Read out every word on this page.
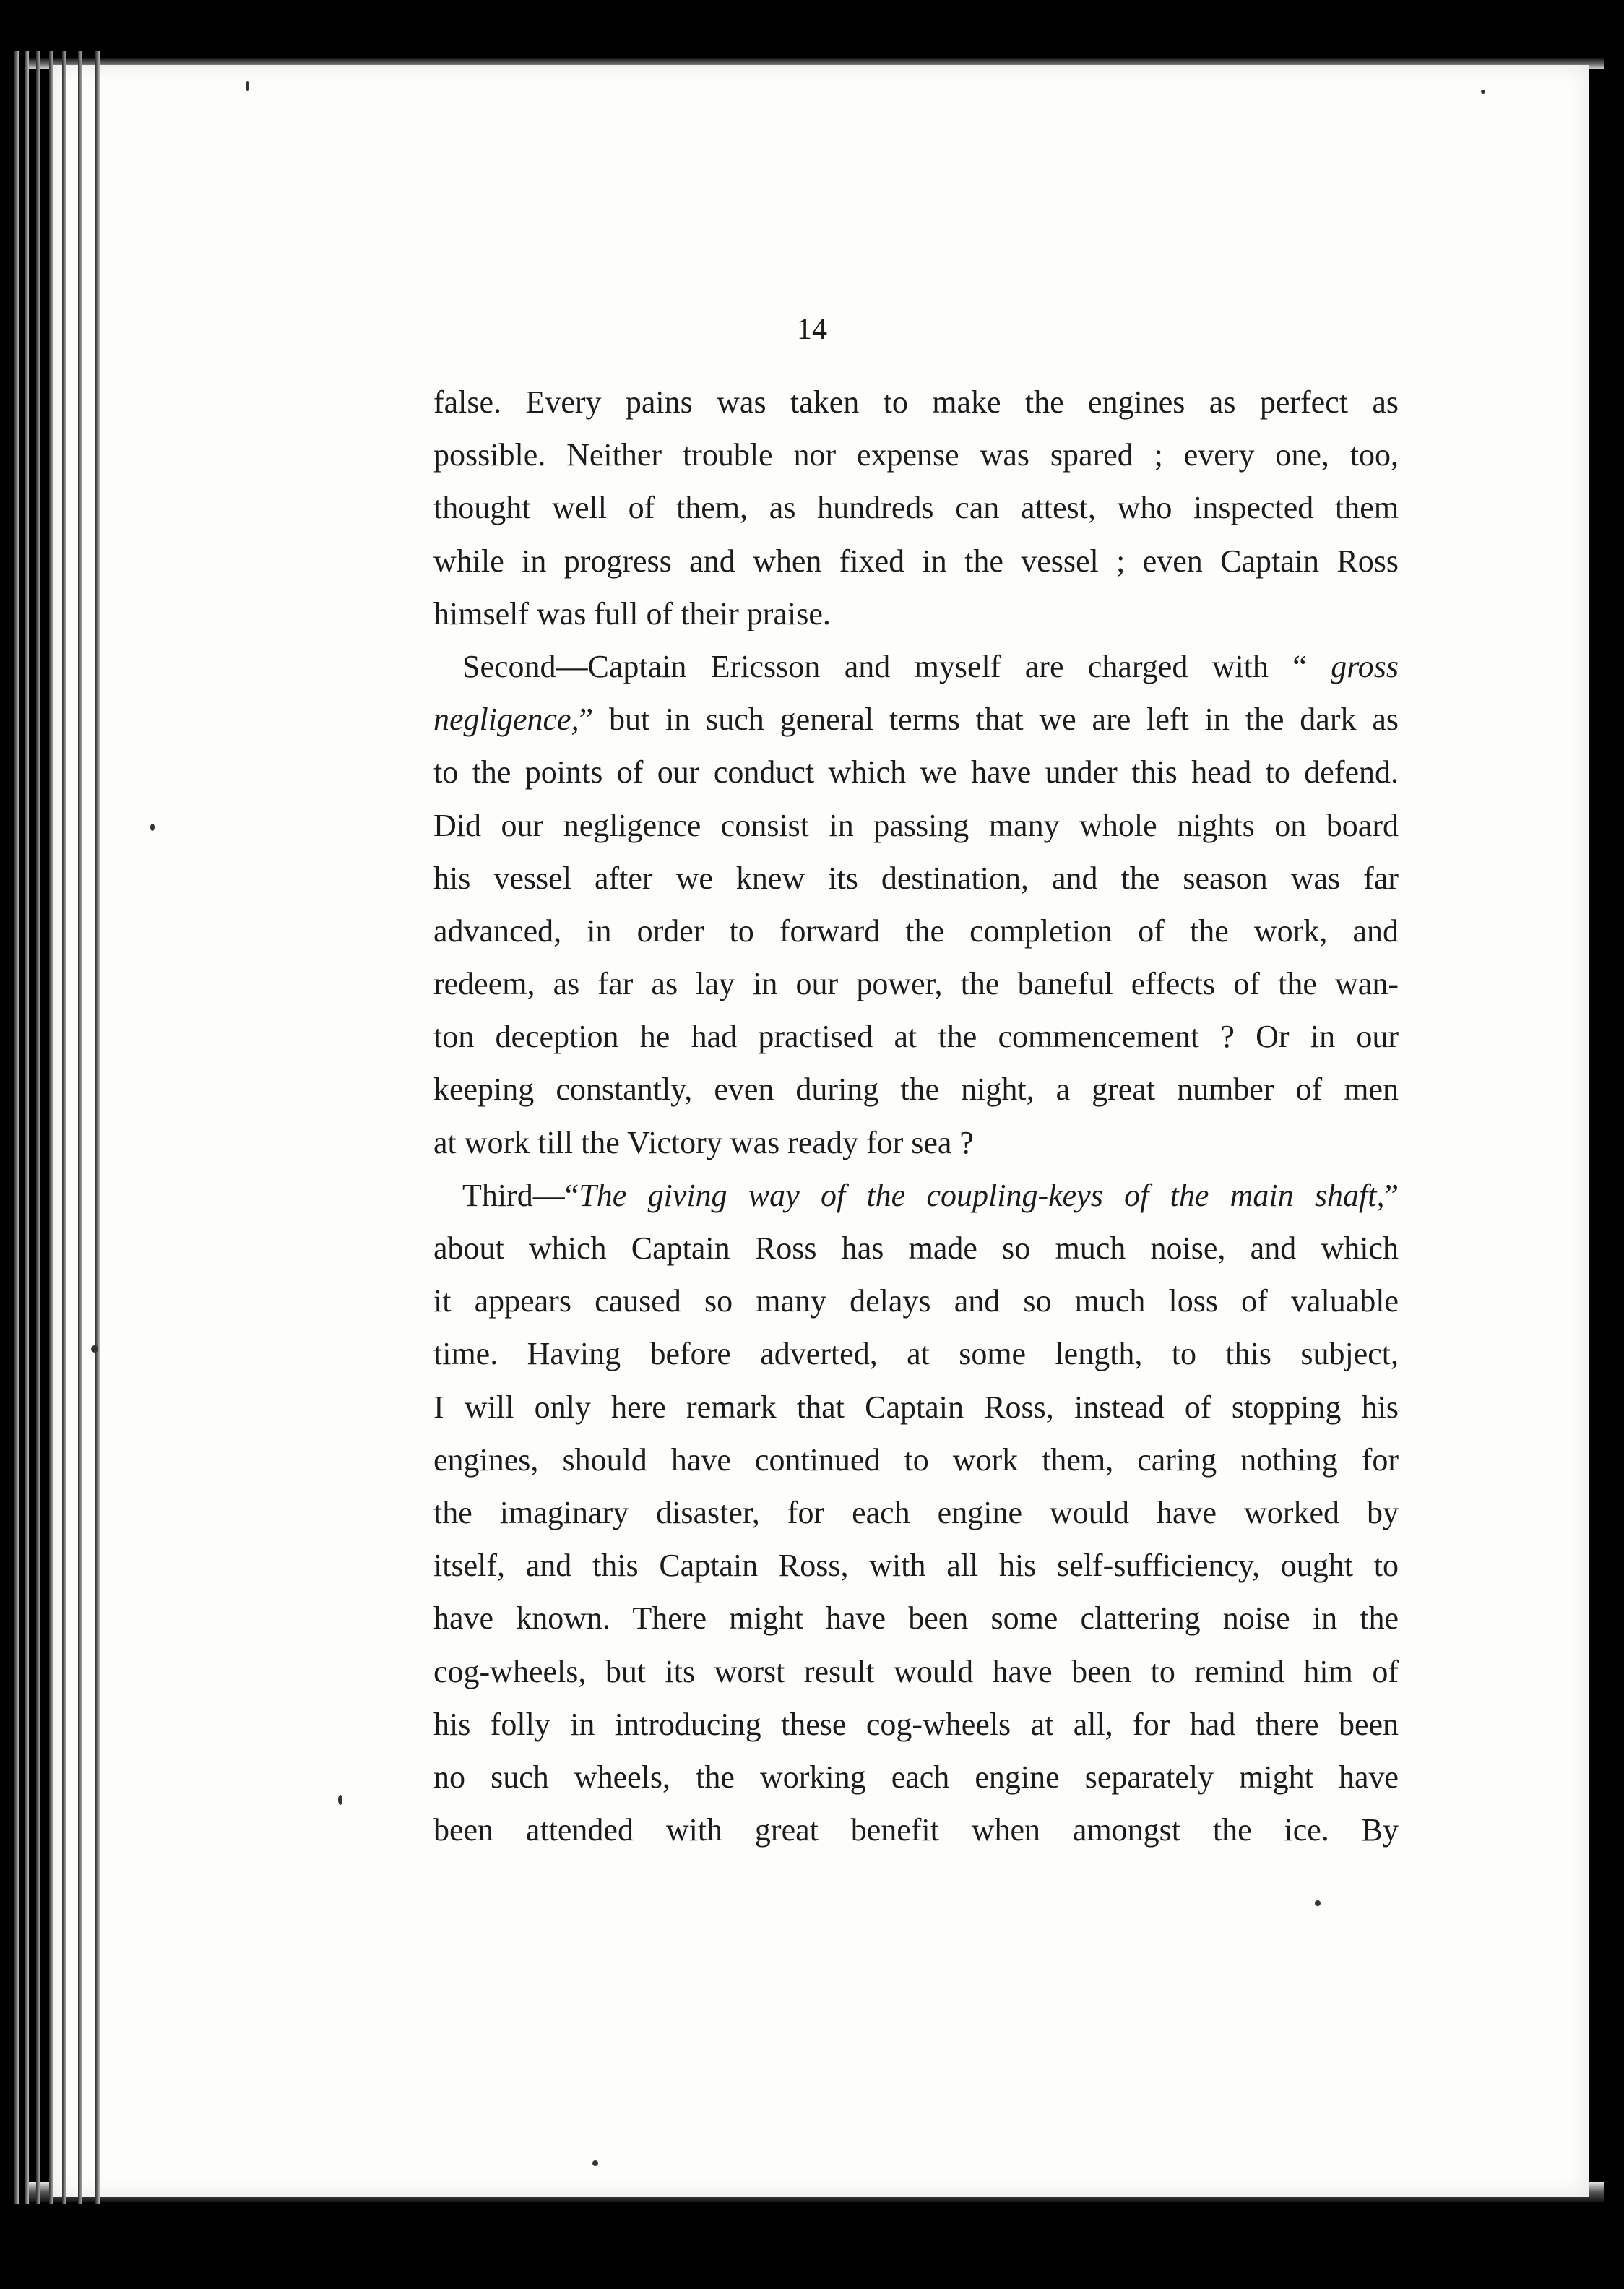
14
false. Every pains was taken to make the engines as perfect as
possible. Neither trouble nor expense was spared ; every one, too,
thought well of them, as hundreds can attest, who inspected them
while in progress and when fixed in the vessel ; even Captain Ross
himself was full of their praise.
Second—Captain Ericsson and myself are charged with “ gross
negligence,” but in such general terms that we are left in the dark as
to the points of our conduct which we have under this head to defend.
Did our negligence consist in passing many whole nights on board
his vessel after we knew its destination, and the season was far
advanced, in order to forward the completion of the work, and
redeem, as far as lay in our power, the baneful effects of the wan-
ton deception he had practised at the commencement ? Or in our
keeping constantly, even during the night, a great number of men
at work till the Victory was ready for sea ?
Third—“The giving way of the coupling-keys of the main shaft,”
about which Captain Ross has made so much noise, and which
it appears caused so many delays and so much loss of valuable
time. Having before adverted, at some length, to this subject,
I will only here remark that Captain Ross, instead of stopping his
engines, should have continued to work them, caring nothing for
the imaginary disaster, for each engine would have worked by
itself, and this Captain Ross, with all his self-sufficiency, ought to
have known. There might have been some clattering noise in the
cog-wheels, but its worst result would have been to remind him of
his folly in introducing these cog-wheels at all, for had there been
no such wheels, the working each engine separately might have
been attended with great benefit when amongst the ice. By
